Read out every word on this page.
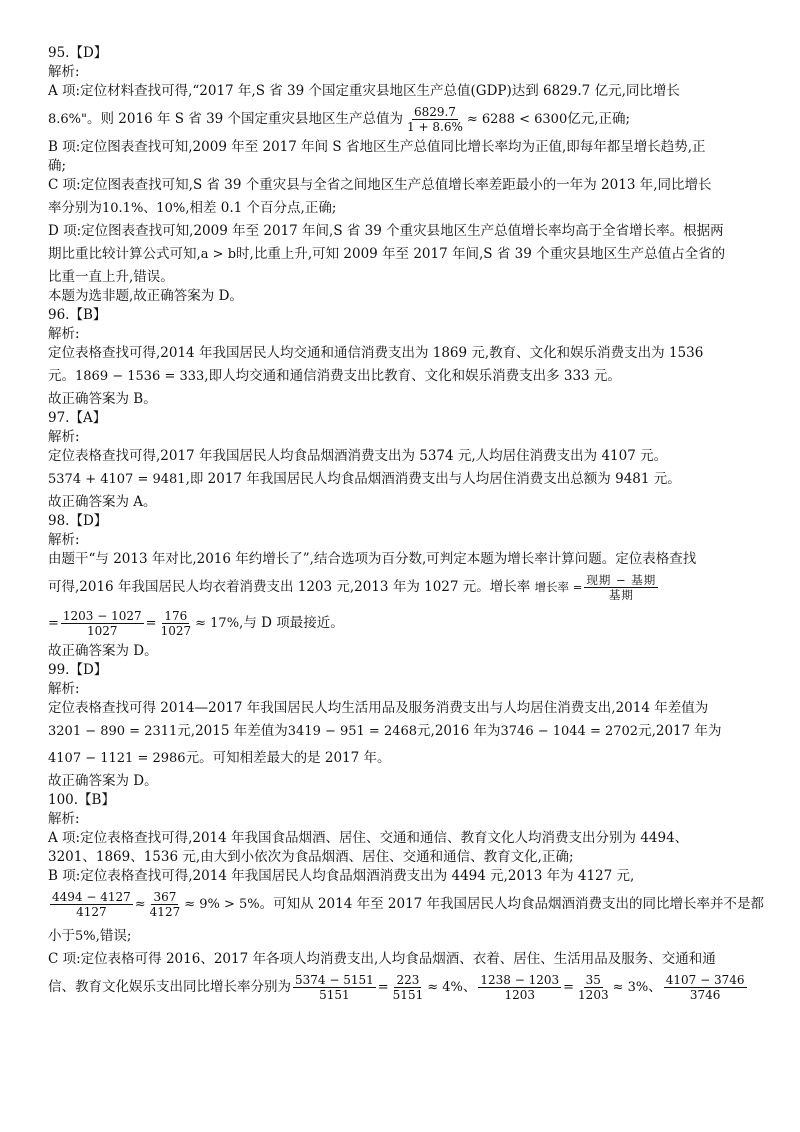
95.【D】

解析:

A 项:定位材料查找可得,“2017 年,S 省 39 个国定重灾县地区生产总值(GDP)达到 6829.7 亿元,同比增长

8.6%"。则 2016 年 S 省 39 个国定重灾县地区生产总值为 $\frac{6829.7}{1 + 8.6\%} \approx 6288 < 6300$亿元,正确;

B 项:定位图表查找可知,2009 年至 2017 年间 S 省地区生产总值同比增长率均为正值,即每年都呈增长趋势,正

确;

C 项:定位图表查找可知,S 省 39 个重灾县与全省之间地区生产总值增长率差距最小的一年为 2013 年,同比增长

率分别为10.1%、10%,相差 0.1 个百分点,正确;

D 项:定位图表查找可知,2009 年至 2017 年间,S 省 39 个重灾县地区生产总值增长率均高于全省增长率。根据两

期比重比较计算公式可知,a > b时,比重上升,可知 2009 年至 2017 年间,S 省 39 个重灾县地区生产总值占全省的

比重一直上升,错误。

本题为选非题,故正确答案为 D。

96.【B】

解析:

定位表格查找可得,2014 年我国居民人均交通和通信消费支出为 1869 元,教育、文化和娱乐消费支出为 1536

元。1869 − 1536 = 333,即人均交通和通信消费支出比教育、文化和娱乐消费支出多 333 元。

故正确答案为 B。

97.【A】

解析:

定位表格查找可得,2017 年我国居民人均食品烟酒消费支出为 5374 元,人均居住消费支出为 4107 元。

5374 + 4107 = 9481,即 2017 年我国居民人均食品烟酒消费支出与人均居住消费支出总额为 9481 元。

故正确答案为 A。

98.【D】

解析:

由题干“与 2013 年对比,2016 年约增长了”,结合选项为百分数,可判定本题为增长率计算问题。定位表格查找

可得,2016 年我国居民人均衣着消费支出 1203 元,2013 年为 1027 元。增长率 增长率 = $\frac{\text{现期 − 基期}}{\text{基期}}$

= $\frac{1203 - 1027}{1027} = \frac{176}{1027} \approx 17\%$,与 D 项最接近。

故正确答案为 D。

99.【D】

解析:

定位表格查找可得 2014—2017 年我国居民人均生活用品及服务消费支出与人均居住消费支出,2014 年差值为

3201 − 890 = 2311元,2015 年差值为3419 − 951 = 2468元,2016 年为3746 − 1044 = 2702元,2017 年为

4107 − 1121 = 2986元。可知相差最大的是 2017 年。

故正确答案为 D。

100.【B】

解析:

A 项:定位表格查找可得,2014 年我国食品烟酒、居住、交通和通信、教育文化人均消费支出分别为 4494、

3201、1869、1536 元,由大到小依次为食品烟酒、居住、交通和通信、教育文化,正确;

B 项:定位表格查找可得,2014 年我国居民人均食品烟酒消费支出为 4494 元,2013 年为 4127 元,

$\frac{4494 - 4127}{4127} \approx \frac{367}{4127} \approx 9\% > 5\%$。可知从 2014 年至 2017 年我国居民人均食品烟酒消费支出的同比增长率并不是都

小于5%,错误;

C 项:定位表格可得 2016、2017 年各项人均消费支出,人均食品烟酒、衣着、居住、生活用品及服务、交通和通

信、教育文化娱乐支出同比增长率分别为 $\frac{5374 - 5151}{5151} = \frac{223}{5151} \approx 4\%$、 $\frac{1238 - 1203}{1203} = \frac{35}{1203} \approx 3\%$、 $\frac{4107 - 3746}{3746}$
